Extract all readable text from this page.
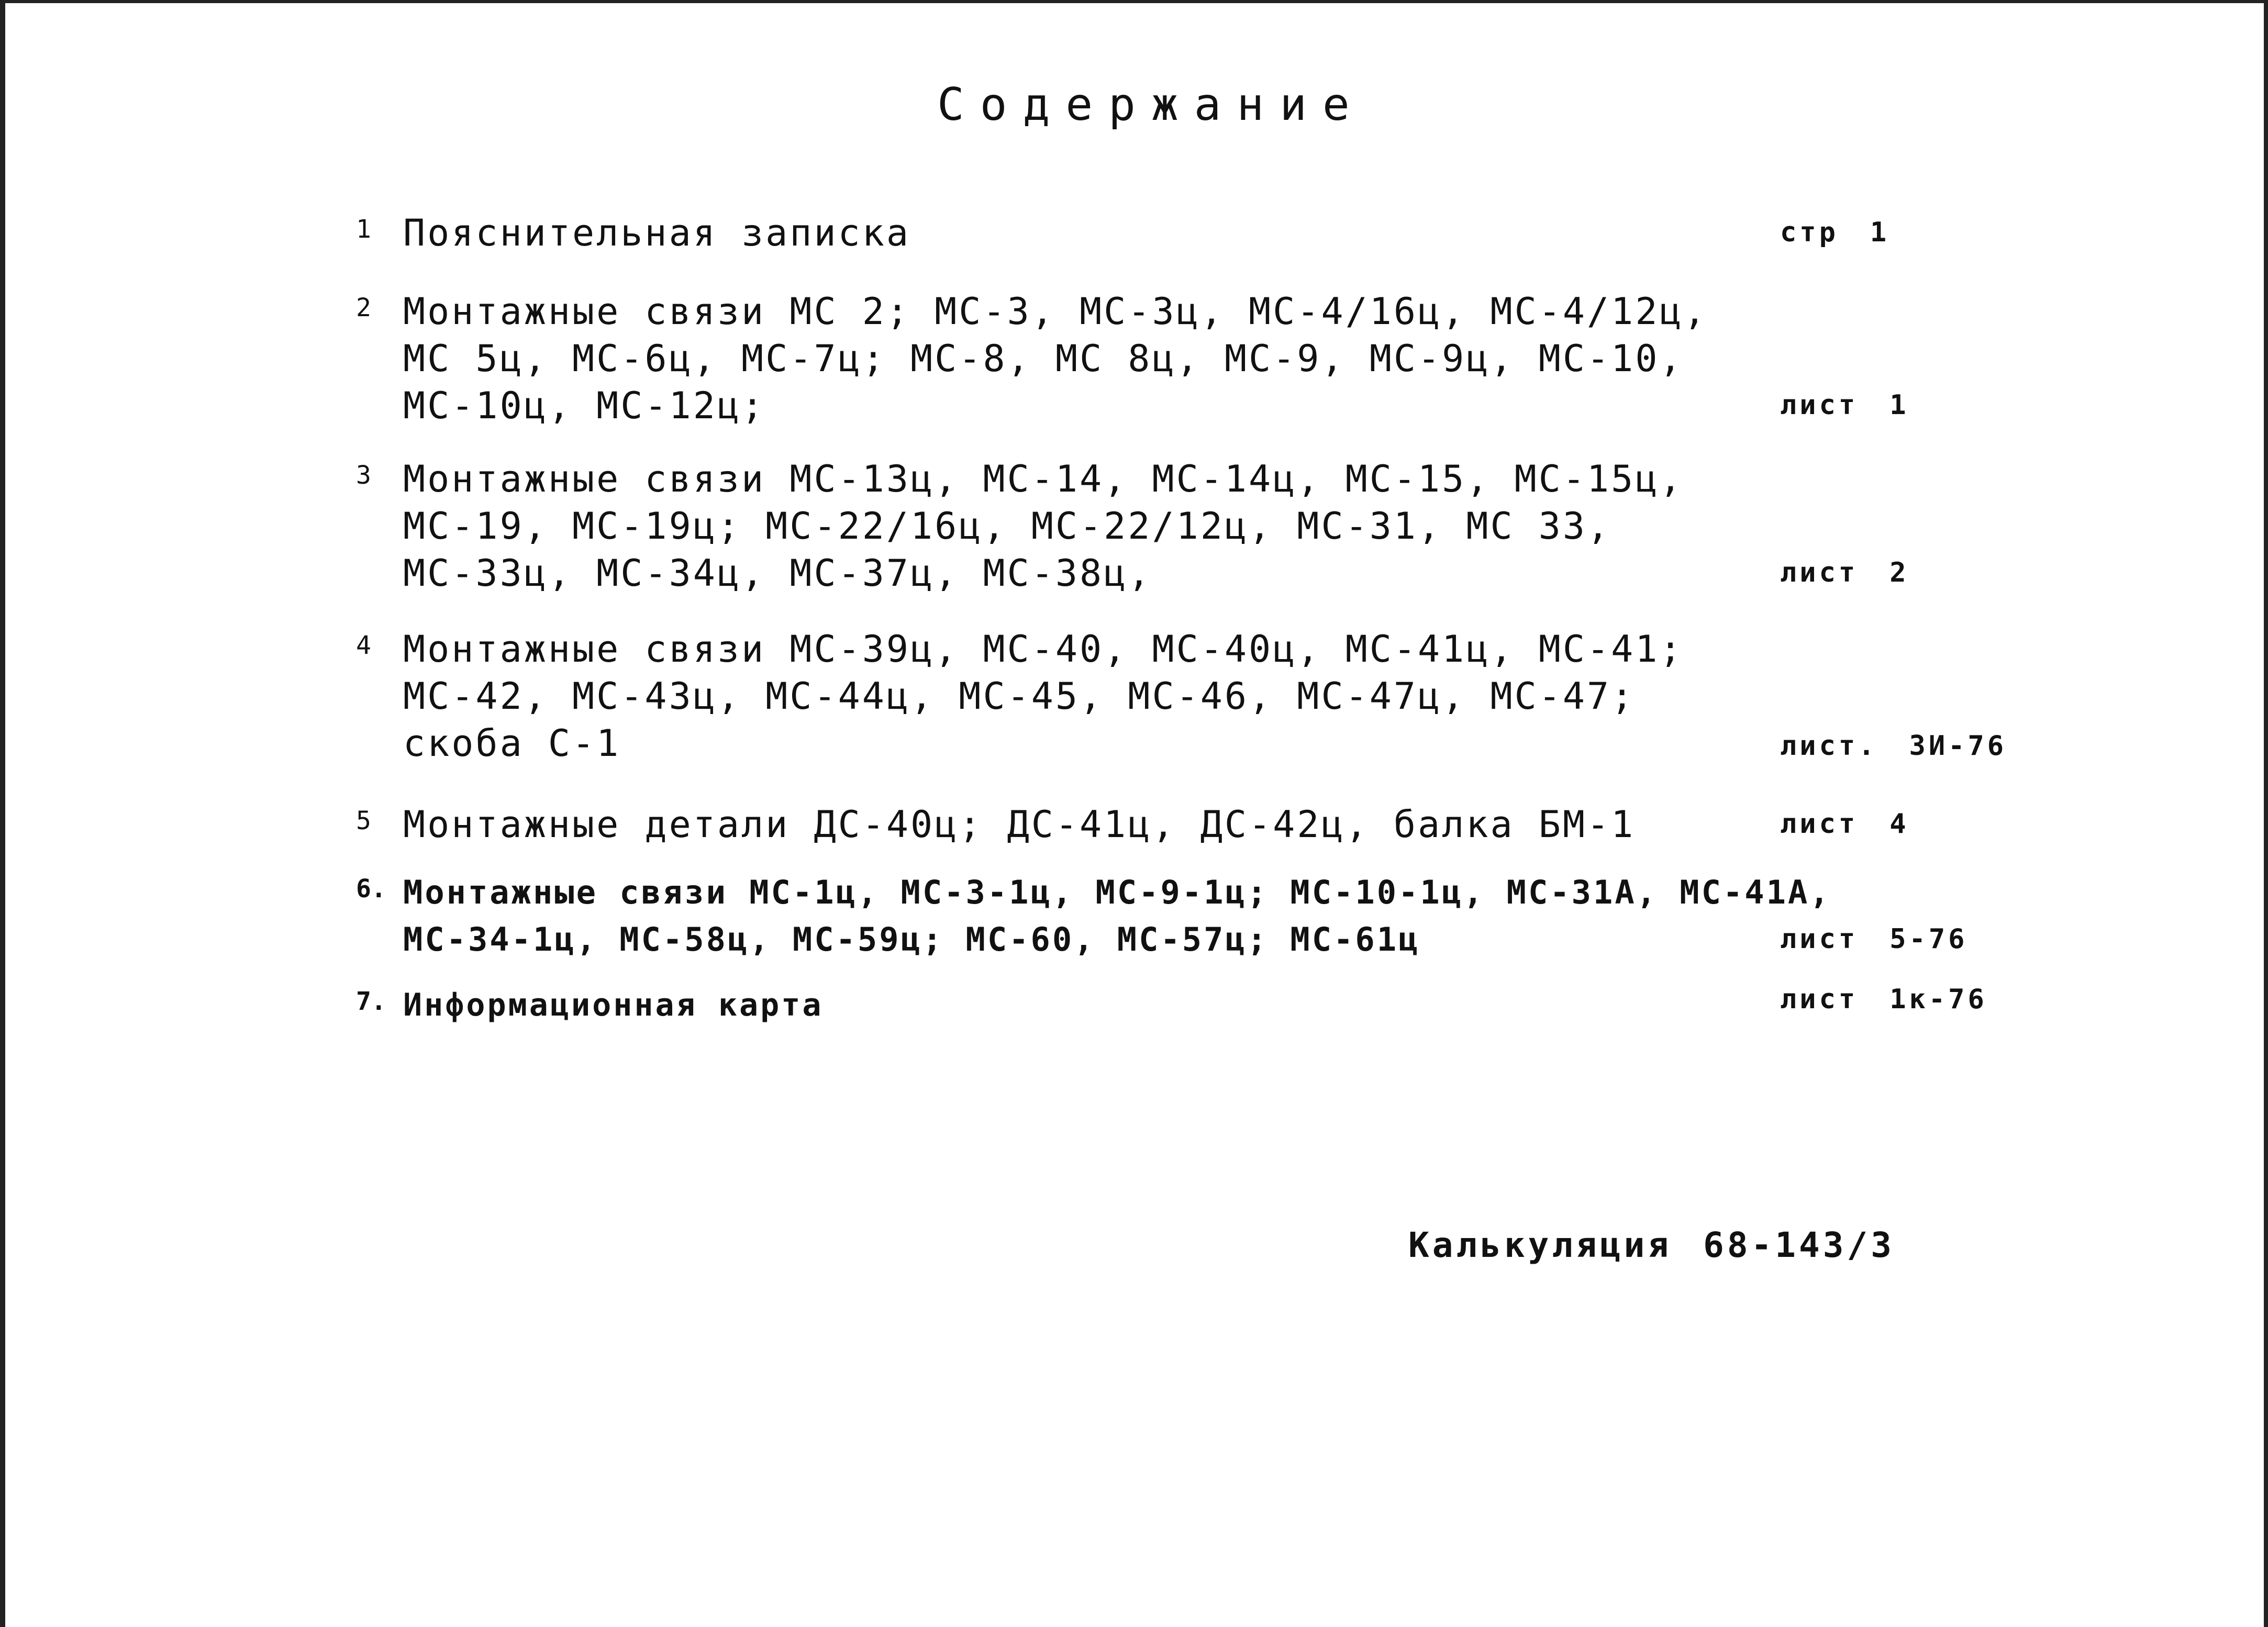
Содержание
1 Пояснительная записка	стр 1
2 Монтажные связи МС 2; МС-3, МС-3ц, МС-4/16ц, МС-4/12ц,
МС 5ц, МС-6ц, МС-7ц; МС-8, МС 8ц, МС-9, МС-9ц, МС-10,
МС-10ц, МС-12ц;	лист 1
3 Монтажные связи МС-13ц, МС-14, МС-14ц, МС-15, МС-15ц,
МС-19, МС-19ц; МС-22/16ц, МС-22/12ц, МС-31, МС 33,
МС-33ц, МС-34ц, МС-37ц, МС-38ц,	лист 2
4 Монтажные связи МС-39ц, МС-40, МС-40ц, МС-41ц, МС-41;
МС-42, МС-43ц, МС-44ц, МС-45, МС-46, МС-47ц, МС-47;
скоба С-1	лист. 3И-76
5 Монтажные детали ДС-40ц; ДС-41ц, ДС-42ц, балка БМ-1	лист 4
6. Монтажные связи МС-1ц, МС-3-1ц, МС-9-1ц; МС-10-1ц, МС-31А, МС-41А,
МС-34-1ц, МС-58ц, МС-59ц; МС-60, МС-57ц; МС-61ц	лист 5-76
7. Информационная карта	лист 1к-76
Калькуляция 68-143/3
